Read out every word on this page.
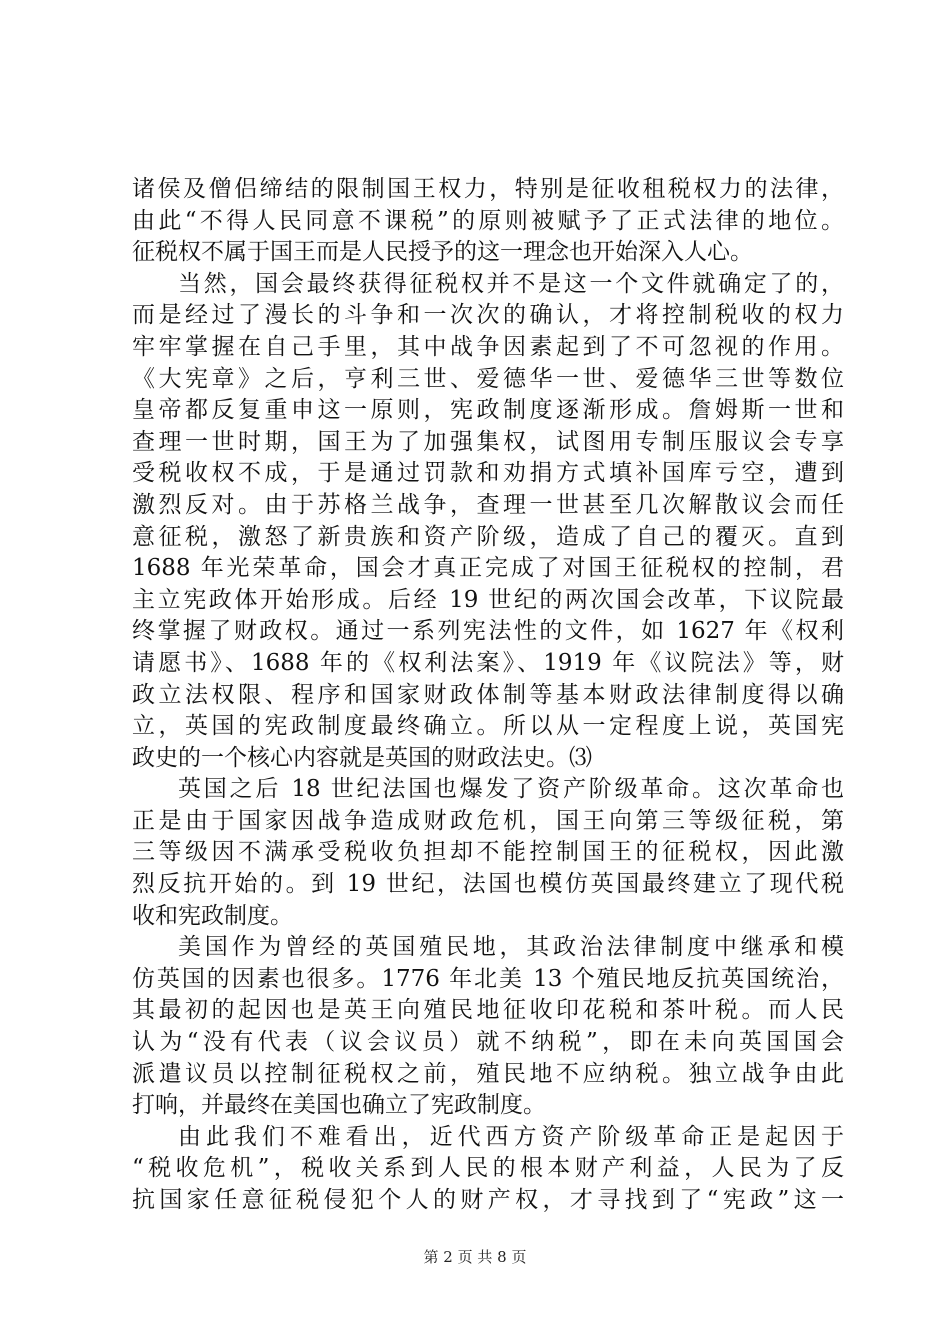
诸侯及僧侣缔结的限制国王权力，特别是征收租税权力的法律，
由此“不得人民同意不课税”的原则被赋予了正式法律的地位。
征税权不属于国王而是人民授予的这一理念也开始深入人心。
当然，国会最终获得征税权并不是这一个文件就确定了的，
而是经过了漫长的斗争和一次次的确认，才将控制税收的权力
牢牢掌握在自己手里，其中战争因素起到了不可忽视的作用。
《大宪章》之后，亨利三世、爱德华一世、爱德华三世等数位
皇帝都反复重申这一原则，宪政制度逐渐形成。詹姆斯一世和
查理一世时期，国王为了加强集权，试图用专制压服议会专享
受税收权不成，于是通过罚款和劝捐方式填补国库亏空，遭到
激烈反对。由于苏格兰战争，查理一世甚至几次解散议会而任
意征税，激怒了新贵族和资产阶级，造成了自己的覆灭。直到
1688 年光荣革命，国会才真正完成了对国王征税权的控制，君
主立宪政体开始形成。后经 19 世纪的两次国会改革，下议院最
终掌握了财政权。通过一系列宪法性的文件，如 1627 年《权利
请愿书》、1688 年的《权利法案》、1919 年《议院法》等，财
政立法权限、程序和国家财政体制等基本财政法律制度得以确
立，英国的宪政制度最终确立。所以从一定程度上说，英国宪
政史的一个核心内容就是英国的财政法史。⑶
英国之后 18 世纪法国也爆发了资产阶级革命。这次革命也
正是由于国家因战争造成财政危机，国王向第三等级征税，第
三等级因不满承受税收负担却不能控制国王的征税权，因此激
烈反抗开始的。到 19 世纪，法国也模仿英国最终建立了现代税
收和宪政制度。
美国作为曾经的英国殖民地，其政治法律制度中继承和模
仿英国的因素也很多。1776 年北美 13 个殖民地反抗英国统治，
其最初的起因也是英王向殖民地征收印花税和茶叶税。而人民
认为“没有代表（议会议员）就不纳税”，即在未向英国国会
派遣议员以控制征税权之前，殖民地不应纳税。独立战争由此
打响，并最终在美国也确立了宪政制度。
由此我们不难看出，近代西方资产阶级革命正是起因于
“税收危机”，税收关系到人民的根本财产利益，人民为了反
抗国家任意征税侵犯个人的财产权，才寻找到了“宪政”这一
第 2 页 共 8 页
